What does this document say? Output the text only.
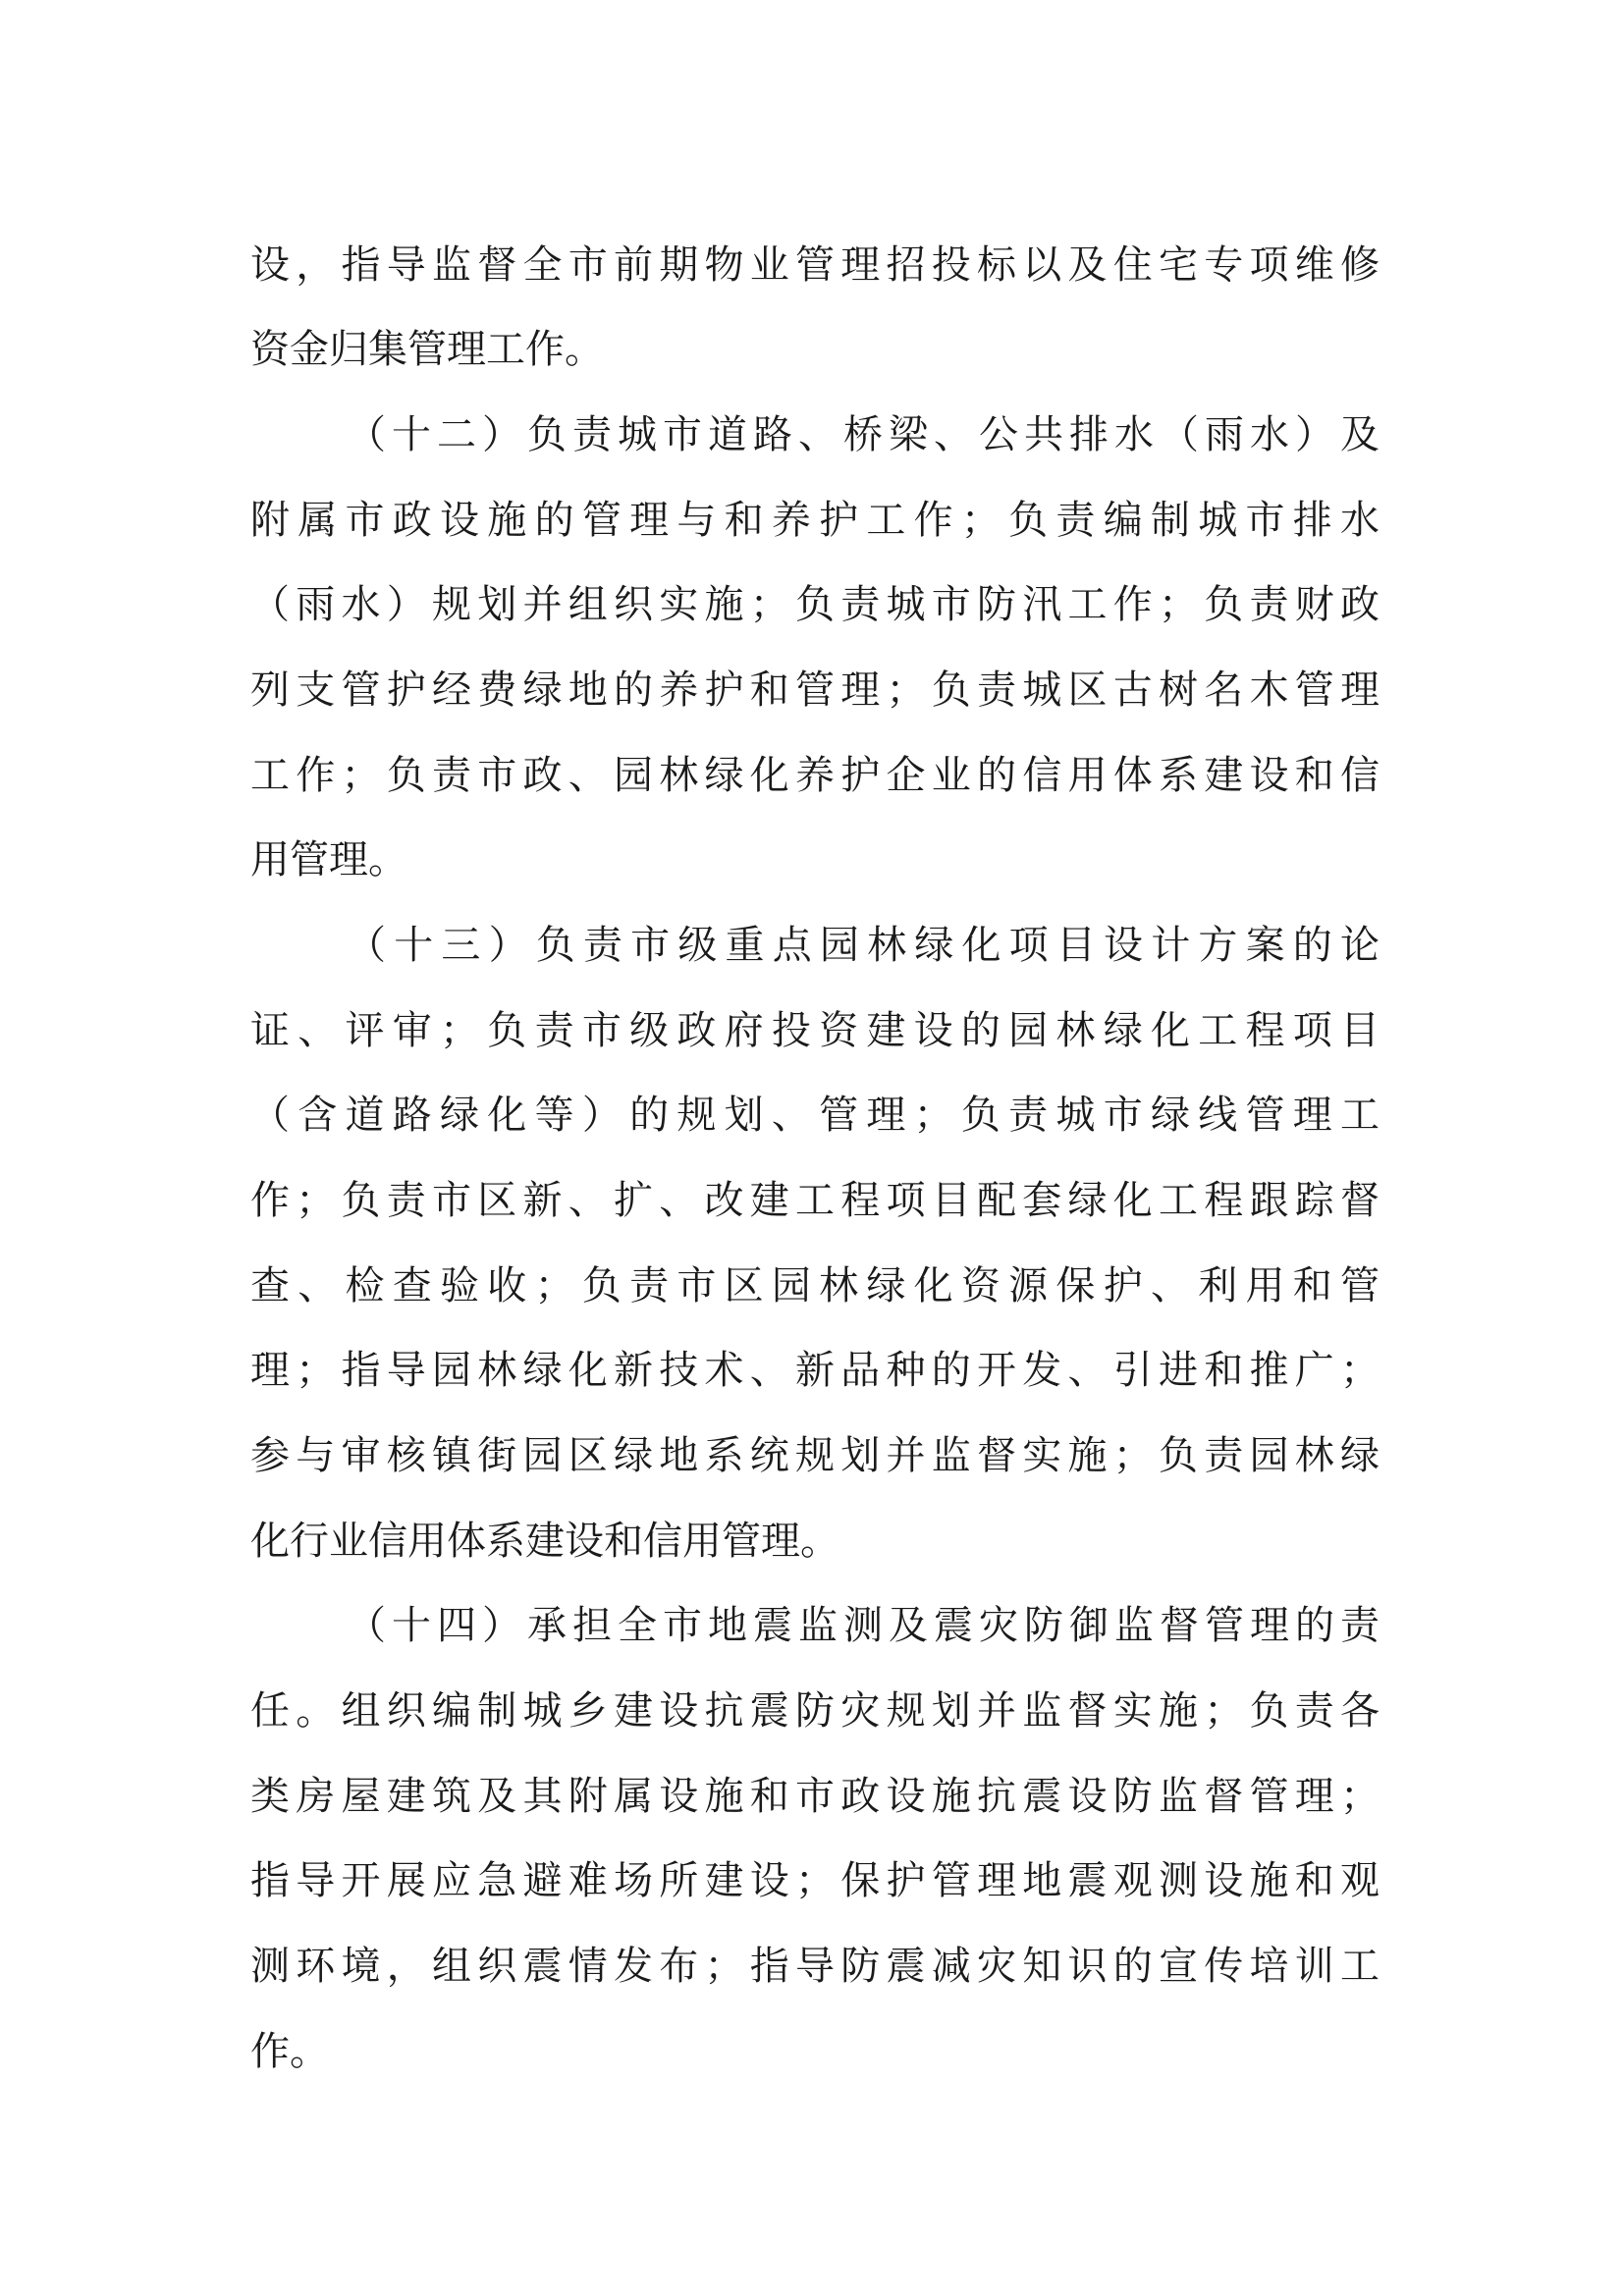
设，指导监督全市前期物业管理招投标以及住宅专项维修
资金归集管理工作。
（十二）负责城市道路、桥梁、公共排水（雨水）及
附属市政设施的管理与和养护工作；负责编制城市排水
（雨水）规划并组织实施；负责城市防汛工作；负责财政
列支管护经费绿地的养护和管理；负责城区古树名木管理
工作；负责市政、园林绿化养护企业的信用体系建设和信
用管理。
（十三）负责市级重点园林绿化项目设计方案的论
证、评审；负责市级政府投资建设的园林绿化工程项目
（含道路绿化等）的规划、管理；负责城市绿线管理工
作；负责市区新、扩、改建工程项目配套绿化工程跟踪督
查、检查验收；负责市区园林绿化资源保护、利用和管
理；指导园林绿化新技术、新品种的开发、引进和推广；
参与审核镇街园区绿地系统规划并监督实施；负责园林绿
化行业信用体系建设和信用管理。
（十四）承担全市地震监测及震灾防御监督管理的责
任。组织编制城乡建设抗震防灾规划并监督实施；负责各
类房屋建筑及其附属设施和市政设施抗震设防监督管理；
指导开展应急避难场所建设；保护管理地震观测设施和观
测环境，组织震情发布；指导防震减灾知识的宣传培训工
作。
